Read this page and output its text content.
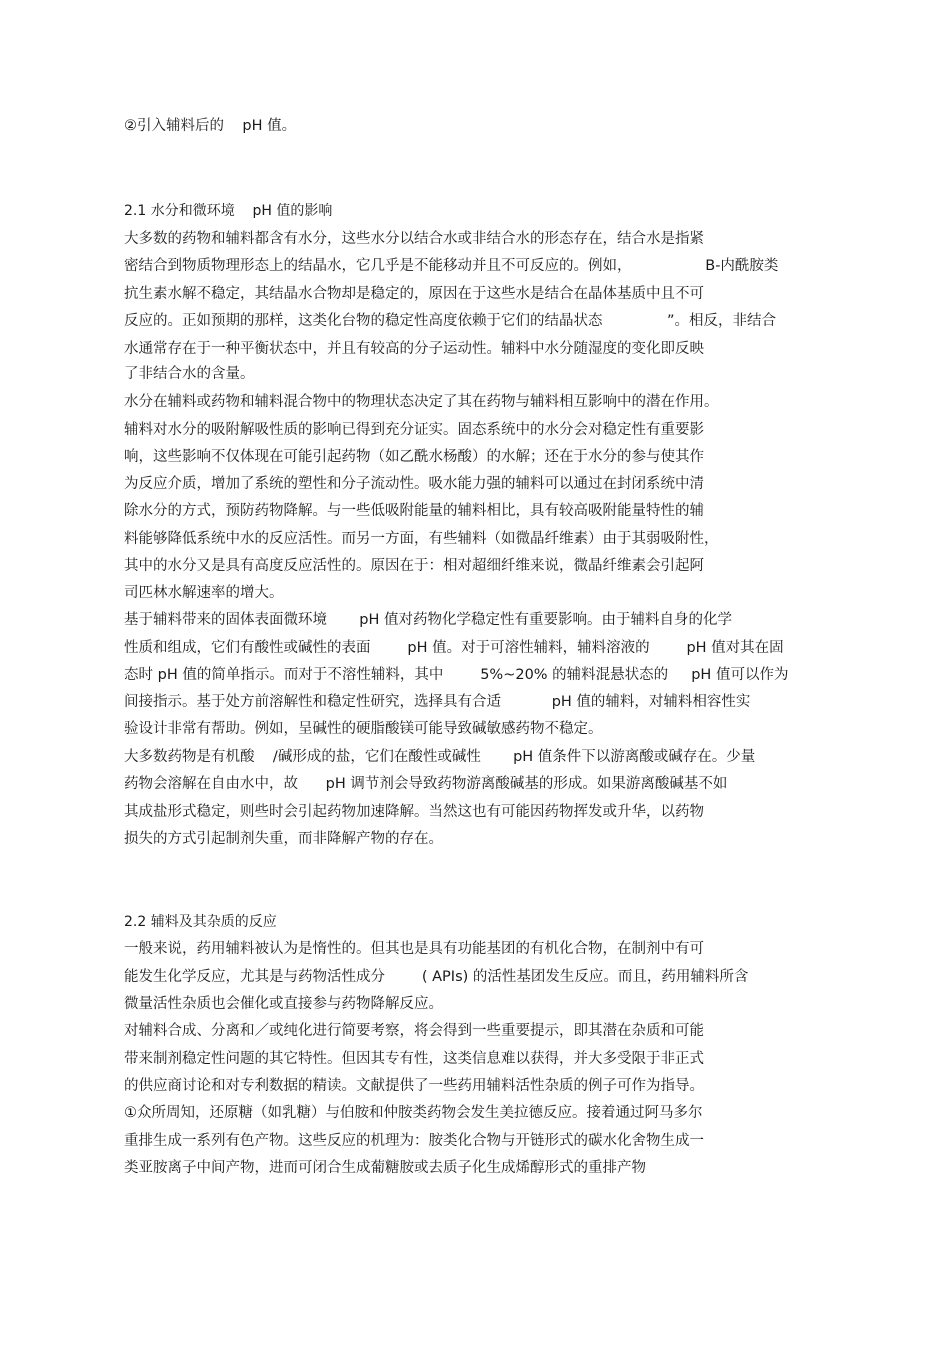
②引入辅料后的    pH 值。
2.1 水分和微环境    pH 值的影响
大多数的药物和辅料都含有水分，这些水分以结合水或非结合水的形态存在，结合水是指紧
密结合到物质物理形态上的结晶水，它几乎是不能移动并且不可反应的。例如，                B-内酰胺类
抗生素水解不稳定，其结晶水合物却是稳定的，原因在于这些水是结合在晶体基质中且不可
反应的。正如预期的那样，这类化台物的稳定性高度依赖于它们的结晶状态              ”。相反，非结合
水通常存在于一种平衡状态中，并且有较高的分子运动性。辅料中水分随湿度的变化即反映
了非结合水的含量。
水分在辅料或药物和辅料混合物中的物理状态决定了其在药物与辅料相互影响中的潜在作用。
辅料对水分的吸附解吸性质的影响已得到充分证实。固态系统中的水分会对稳定性有重要影
响，这些影响不仅体现在可能引起药物（如乙酰水杨酸）的水解；还在于水分的参与使其作
为反应介质，增加了系统的塑性和分子流动性。吸水能力强的辅料可以通过在封闭系统中清
除水分的方式，预防药物降解。与一些低吸附能量的辅料相比，具有较高吸附能量特性的辅
料能够降低系统中水的反应活性。而另一方面，有些辅料（如微晶纤维素）由于其弱吸附性，
其中的水分又是具有高度反应活性的。原因在于：相对超细纤维来说，微晶纤维素会引起阿
司匹林水解速率的增大。
基于辅料带来的固体表面微环境       pH 值对药物化学稳定性有重要影响。由于辅料自身的化学
性质和组成，它们有酸性或碱性的表面        pH 值。对于可溶性辅料，辅料溶液的        pH 值对其在固
态时 pH 值的简单指示。而对于不溶性辅料，其中        5%~20% 的辅料混悬状态的     pH 值可以作为
间接指示。基于处方前溶解性和稳定性研究，选择具有合适           pH 值的辅料，对辅料相容性实
验设计非常有帮助。例如，呈碱性的硬脂酸镁可能导致碱敏感药物不稳定。
大多数药物是有机酸    /碱形成的盐，它们在酸性或碱性       pH 值条件下以游离酸或碱存在。少量
药物会溶解在自由水中，故      pH 调节剂会导致药物游离酸碱基的形成。如果游离酸碱基不如
其成盐形式稳定，则些时会引起药物加速降解。当然这也有可能因药物挥发或升华，以药物
损失的方式引起制剂失重，而非降解产物的存在。
2.2 辅料及其杂质的反应
一般来说，药用辅料被认为是惰性的。但其也是具有功能基团的有机化合物，在制剂中有可
能发生化学反应，尤其是与药物活性成分        ( APIs) 的活性基团发生反应。而且，药用辅料所含
微量活性杂质也会催化或直接参与药物降解反应。
对辅料合成、分离和／或纯化进行简要考察，将会得到一些重要提示，即其潜在杂质和可能
带来制剂稳定性问题的其它特性。但因其专有性，这类信息难以获得，并大多受限于非正式
的供应商讨论和对专利数据的精读。文献提供了一些药用辅料活性杂质的例子可作为指导。
①众所周知，还原糖（如乳糖）与伯胺和仲胺类药物会发生美拉德反应。接着通过阿马多尔
重排生成一系列有色产物。这些反应的机理为：胺类化合物与开链形式的碳水化舍物生成一
类亚胺离子中间产物，进而可闭合生成葡糖胺或去质子化生成烯醇形式的重排产物
